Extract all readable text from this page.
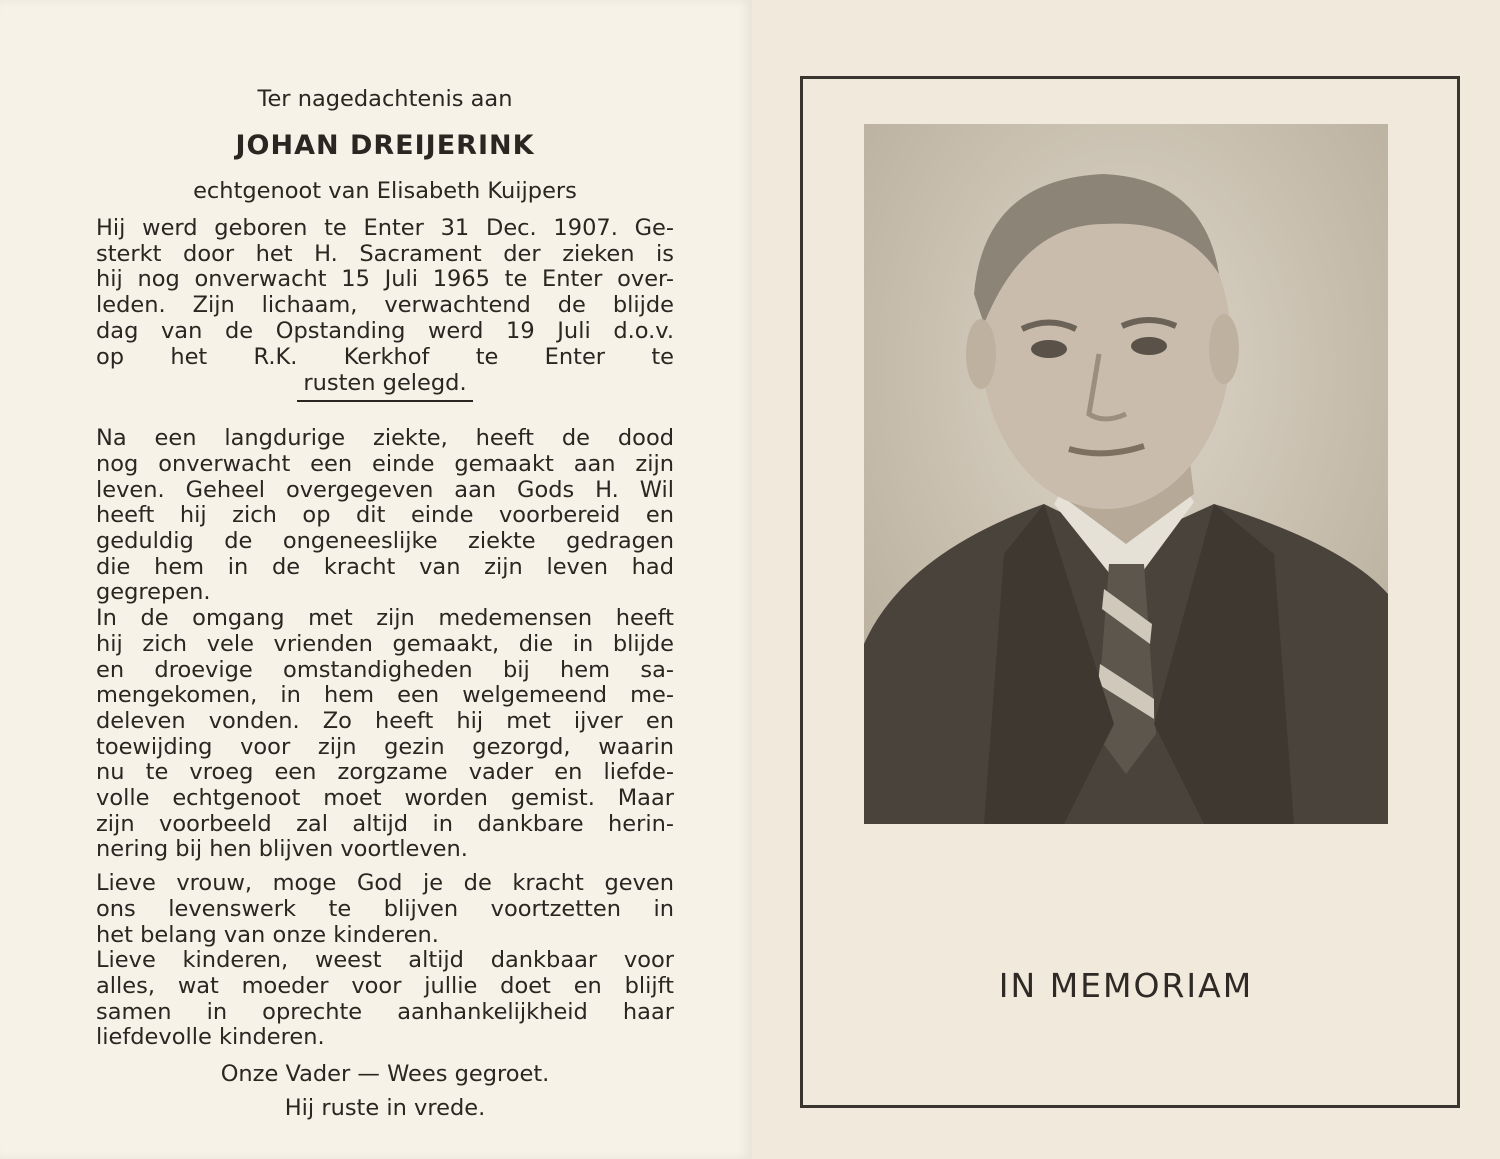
Ter nagedachtenis aan
JOHAN DREIJERINK
echtgenoot van Elisabeth Kuijpers
Hij werd geboren te Enter 31 Dec. 1907. Ge-
sterkt door het H. Sacrament der zieken is
hij nog onverwacht 15 Juli 1965 te Enter over-
leden. Zijn lichaam, verwachtend de blijde
dag van de Opstanding werd 19 Juli d.o.v.
op het R.K. Kerkhof te Enter te
rusten gelegd.
Na een langdurige ziekte, heeft de dood
nog onverwacht een einde gemaakt aan zijn
leven. Geheel overgegeven aan Gods H. Wil
heeft hij zich op dit einde voorbereid en
geduldig de ongeneeslijke ziekte gedragen
die hem in de kracht van zijn leven had
gegrepen.
In de omgang met zijn medemensen heeft
hij zich vele vrienden gemaakt, die in blijde
en droevige omstandigheden bij hem sa-
mengekomen, in hem een welgemeend me-
deleven vonden. Zo heeft hij met ijver en
toewijding voor zijn gezin gezorgd, waarin
nu te vroeg een zorgzame vader en liefde-
volle echtgenoot moet worden gemist. Maar
zijn voorbeeld zal altijd in dankbare herin-
nering bij hen blijven voortleven.
Lieve vrouw, moge God je de kracht geven
ons levenswerk te blijven voortzetten in
het belang van onze kinderen.
Lieve kinderen, weest altijd dankbaar voor
alles, wat moeder voor jullie doet en blijft
samen in oprechte aanhankelijkheid haar
liefdevolle kinderen.
Onze Vader — Wees gegroet.
Hij ruste in vrede.
IN MEMORIAM
